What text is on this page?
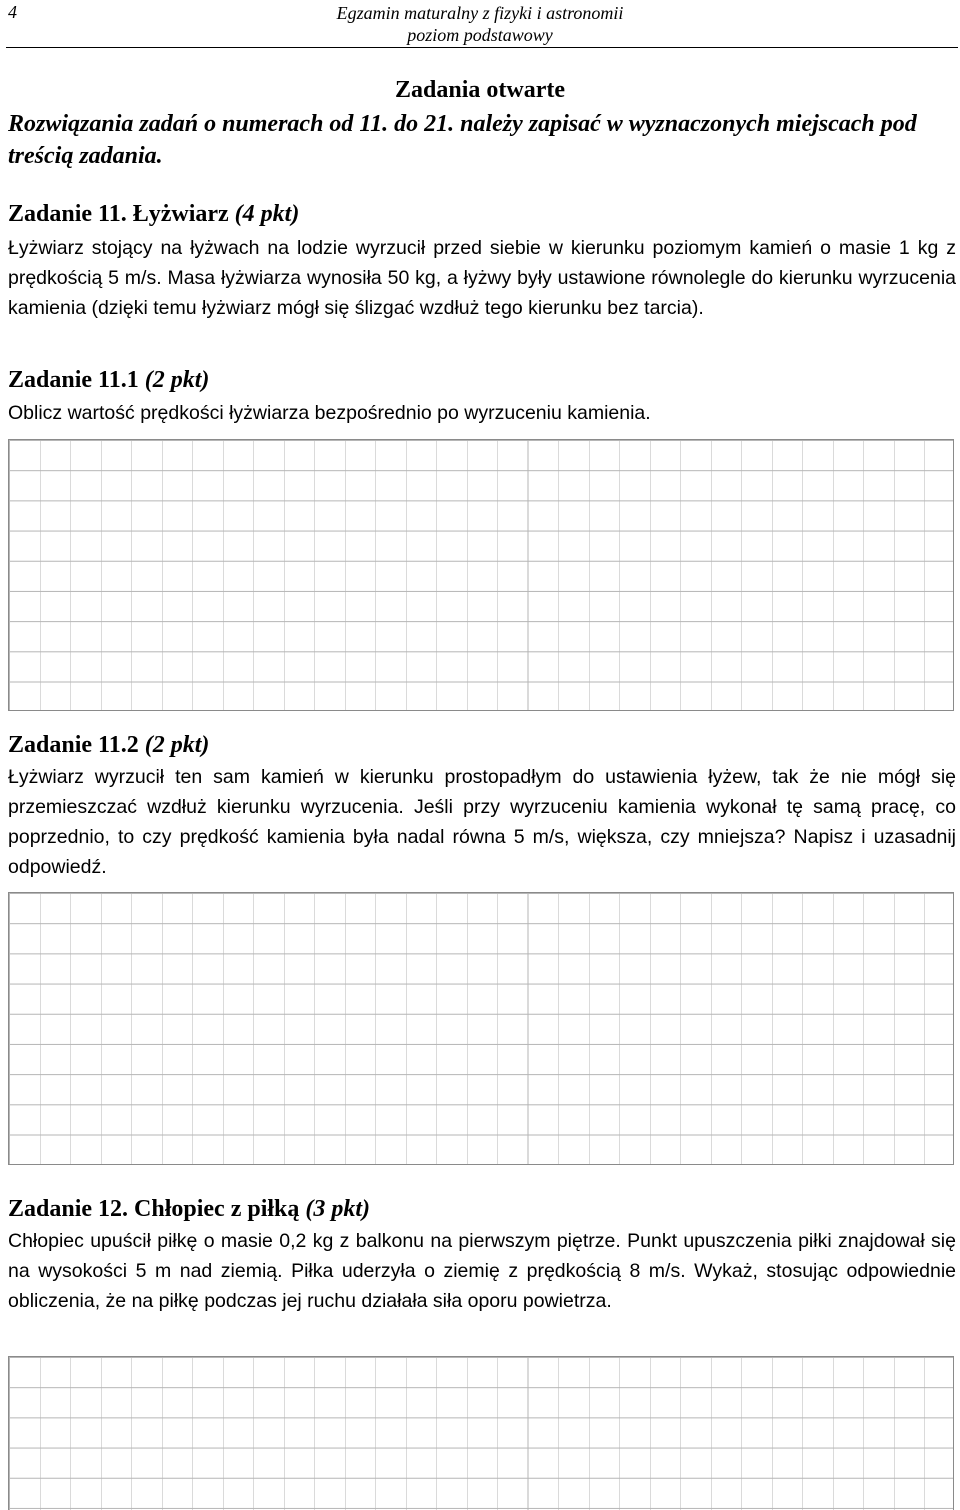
4	Egzamin maturalny z fizyki i astronomii

poziom podstawowy

Zadania otwarte

Rozwiązania zadań o numerach od 11. do 21. należy zapisać w wyznaczonych miejscach pod treścią zadania.

Zadanie 11. Łyżwiarz (4 pkt)

Łyżwiarz stojący na łyżwach na lodzie wyrzucił przed siebie w kierunku poziomym kamień o masie 1 kg z prędkością 5 m/s. Masa łyżwiarza wynosiła 50 kg, a łyżwy były ustawione równolegle do kierunku wyrzucenia kamienia (dzięki temu łyżwiarz mógł się ślizgać wzdłuż tego kierunku bez tarcia).

Zadanie 11.1 (2 pkt)

Oblicz wartość prędkości łyżwiarza bezpośrednio po wyrzuceniu kamienia.

Zadanie 11.2 (2 pkt)

Łyżwiarz wyrzucił ten sam kamień w kierunku prostopadłym do ustawienia łyżew, tak że nie mógł się przemieszczać wzdłuż kierunku wyrzucenia. Jeśli przy wyrzuceniu kamienia wykonał tę samą pracę, co poprzednio, to czy prędkość kamienia była nadal równa 5 m/s, większa, czy mniejsza? Napisz i uzasadnij odpowiedź.

Zadanie 12. Chłopiec z piłką (3 pkt)

Chłopiec upuścił piłkę o masie 0,2 kg z balkonu na pierwszym piętrze. Punkt upuszczenia piłki znajdował się na wysokości 5 m nad ziemią. Piłka uderzyła o ziemię z prędkością 8 m/s. Wykaż, stosując odpowiednie obliczenia, że na piłkę podczas jej ruchu działała siła oporu powietrza.
